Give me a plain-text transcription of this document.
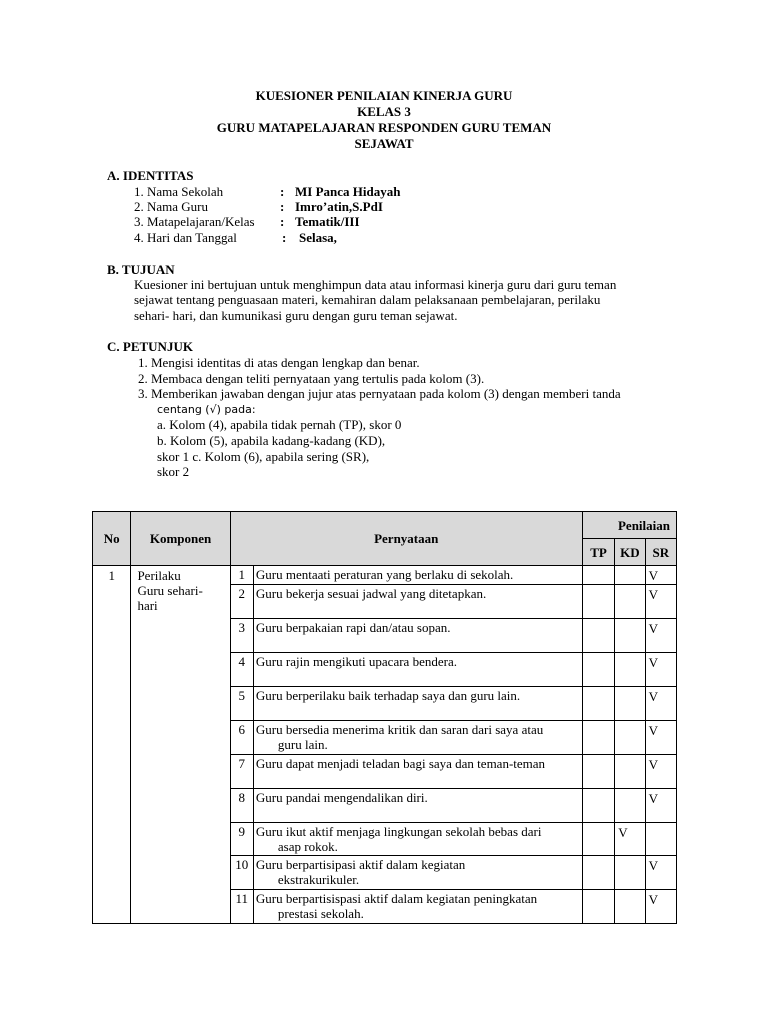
KUESIONER PENILAIAN KINERJA GURU
KELAS 3
GURU MATAPELAJARAN RESPONDEN GURU TEMAN
SEJAWAT
A. IDENTITAS
1. Nama Sekolah	: MI Panca Hidayah
2. Nama Guru	: Imro’atin,S.PdI
3. Matapelajaran/Kelas : Tematik/III
4. Hari dan Tanggal	: Selasa,
B. TUJUAN
Kuesioner ini bertujuan untuk menghimpun data atau informasi kinerja guru dari guru teman
sejawat tentang penguasaan materi, kemahiran dalam pelaksanaan pembelajaran, perilaku
sehari- hari, dan kumunikasi guru dengan guru teman sejawat.
C. PETUNJUK
1. Mengisi identitas di atas dengan lengkap dan benar.
2. Membaca dengan teliti pernyataan yang tertulis pada kolom (3).
3. Memberikan jawaban dengan jujur atas pernyataan pada kolom (3) dengan memberi tanda
centang (√) pada:
a. Kolom (4), apabila tidak pernah (TP), skor 0
b. Kolom (5), apabila kadang-kadang (KD),
skor 1 c. Kolom (6), apabila sering (SR),
skor 2
No	Komponen	Pernyataan		Penilaian		
				TP	KD	SR
1	Perilaku
Guru sehari-
hari	1	Guru mentaati peraturan yang berlaku di sekolah.			V
		2	Guru bekerja sesuai jadwal yang ditetapkan.			V
		3	Guru berpakaian rapi dan/atau sopan.			V
		4	Guru rajin mengikuti upacara bendera.			V
		5	Guru berperilaku baik terhadap saya dan guru lain.			V
		6	Guru bersedia menerima kritik dan saran dari saya atau
guru lain.			V
		7	Guru dapat menjadi teladan bagi saya dan teman-teman			V
		8	Guru pandai mengendalikan diri.			V
		9	Guru ikut aktif menjaga lingkungan sekolah bebas dari
asap rokok.		V	
		10	Guru berpartisipasi aktif dalam kegiatan
ekstrakurikuler.			V
		11	Guru berpartisispasi aktif dalam kegiatan peningkatan
prestasi sekolah.			V
